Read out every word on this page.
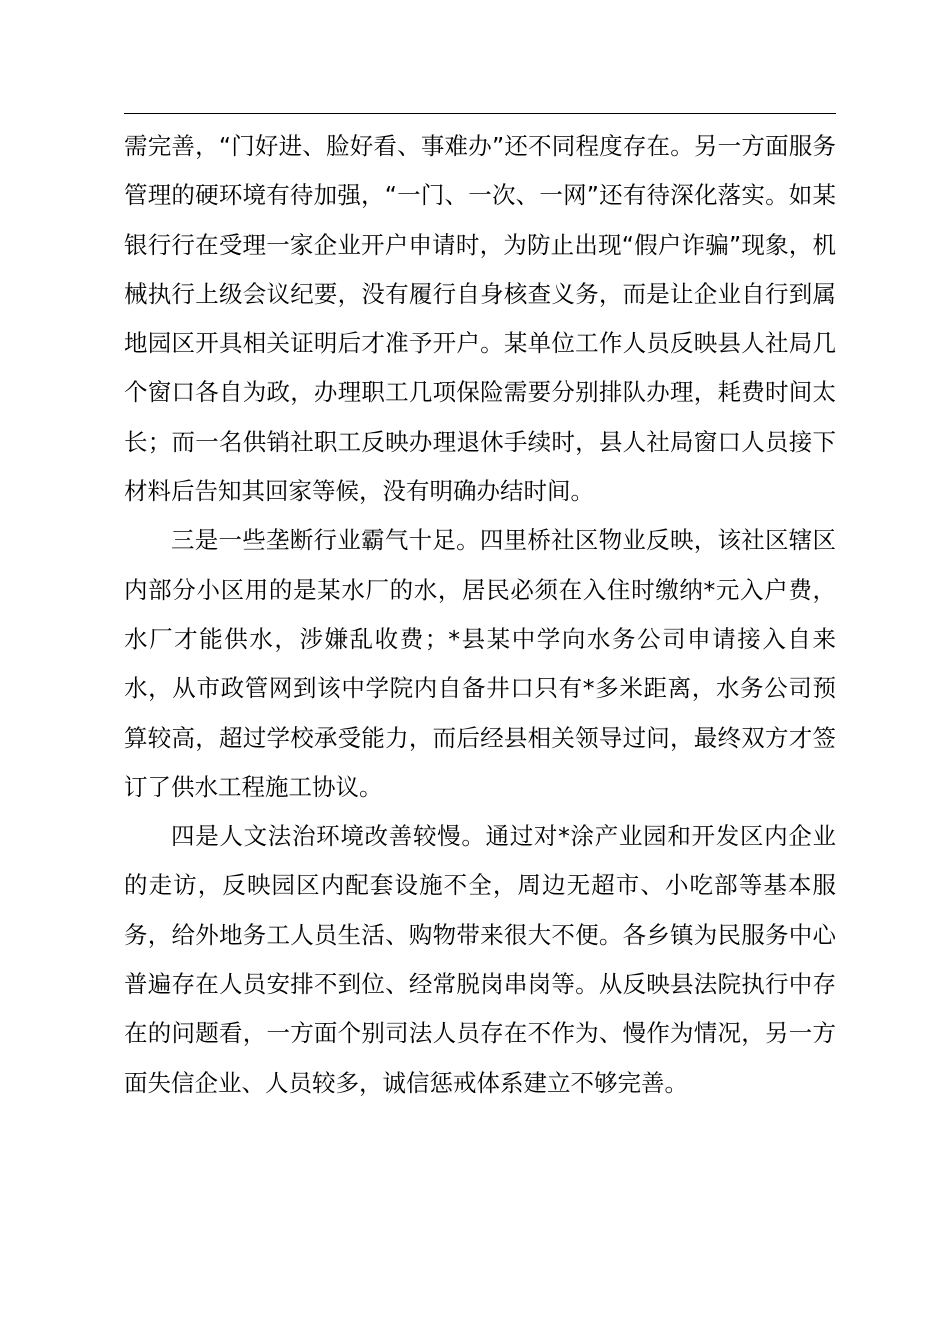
需完善，“门好进、脸好看、事难办”还不同程度存在。另一方面服务管理的硬环境有待加强，“一门、一次、一网”还有待深化落实。如某银行行在受理一家企业开户申请时，为防止出现“假户诈骗”现象，机械执行上级会议纪要，没有履行自身核查义务，而是让企业自行到属地园区开具相关证明后才准予开户。某单位工作人员反映县人社局几个窗口各自为政，办理职工几项保险需要分别排队办理，耗费时间太长；而一名供销社职工反映办理退休手续时，县人社局窗口人员接下材料后告知其回家等候，没有明确办结时间。

三是一些垄断行业霸气十足。四里桥社区物业反映，该社区辖区内部分小区用的是某水厂的水，居民必须在入住时缴纳*元入户费，水厂才能供水，涉嫌乱收费；*县某中学向水务公司申请接入自来水，从市政管网到该中学院内自备井口只有*多米距离，水务公司预算较高，超过学校承受能力，而后经县相关领导过问，最终双方才签订了供水工程施工协议。

四是人文法治环境改善较慢。通过对*涂产业园和开发区内企业的走访，反映园区内配套设施不全，周边无超市、小吃部等基本服务，给外地务工人员生活、购物带来很大不便。各乡镇为民服务中心普遍存在人员安排不到位、经常脱岗串岗等。从反映县法院执行中存在的问题看，一方面个别司法人员存在不作为、慢作为情况，另一方面失信企业、人员较多，诚信惩戒体系建立不够完善。
